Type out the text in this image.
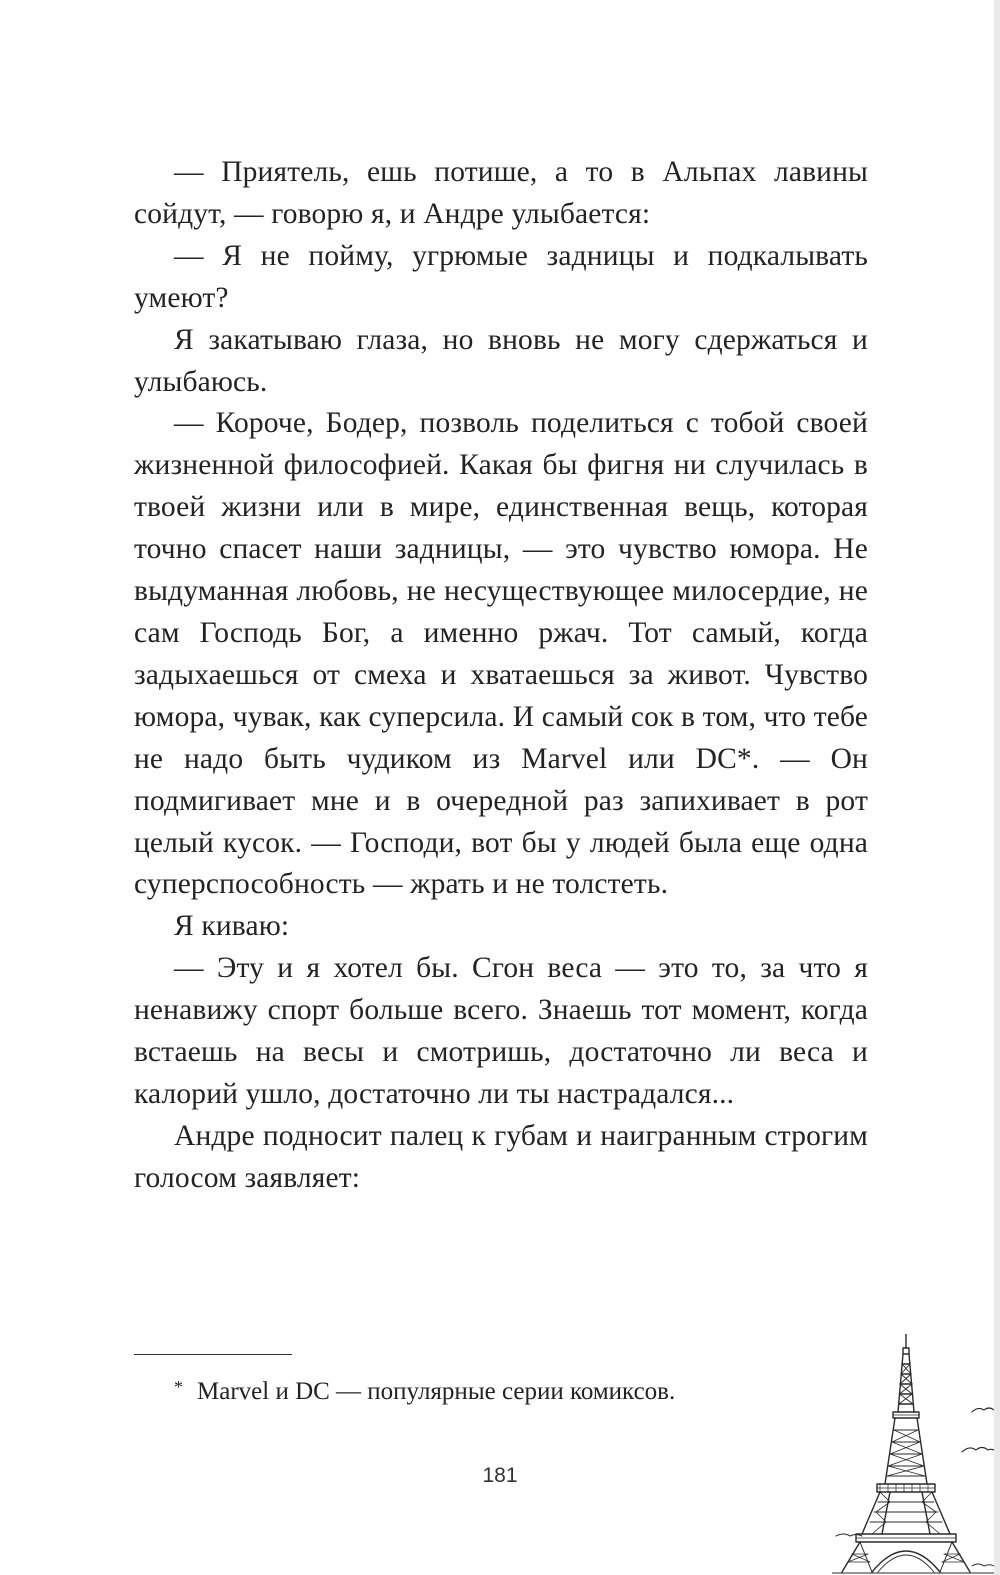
— Приятель, ешь потише, а то в Альпах лавины сойдут, — говорю я, и Андре улыбается:

— Я не пойму, угрюмые задницы и подкалывать умеют?

Я закатываю глаза, но вновь не могу сдержаться и улыбаюсь.

— Короче, Бодер, позволь поделиться с тобой своей жизненной философией. Какая бы фигня ни случилась в твоей жизни или в мире, единственная вещь, которая точно спасет наши задницы, — это чувство юмора. Не выдуманная любовь, не несуществующее милосердие, не сам Господь Бог, а именно ржач. Тот самый, когда задыхаешься от смеха и хватаешься за живот. Чувство юмора, чувак, как суперсила. И самый сок в том, что тебе не надо быть чудиком из Marvel или DC*. — Он подмигивает мне и в очередной раз запихивает в рот целый кусок. — Господи, вот бы у людей была еще одна суперспособность — жрать и не толстеть.

Я киваю:

— Эту и я хотел бы. Сгон веса — это то, за что я ненавижу спорт больше всего. Знаешь тот момент, когда встаешь на весы и смотришь, достаточно ли веса и калорий ушло, достаточно ли ты настрадался...

Андре подносит палец к губам и наигранным строгим голосом заявляет:

* Marvel и DC — популярные серии комиксов.

181
